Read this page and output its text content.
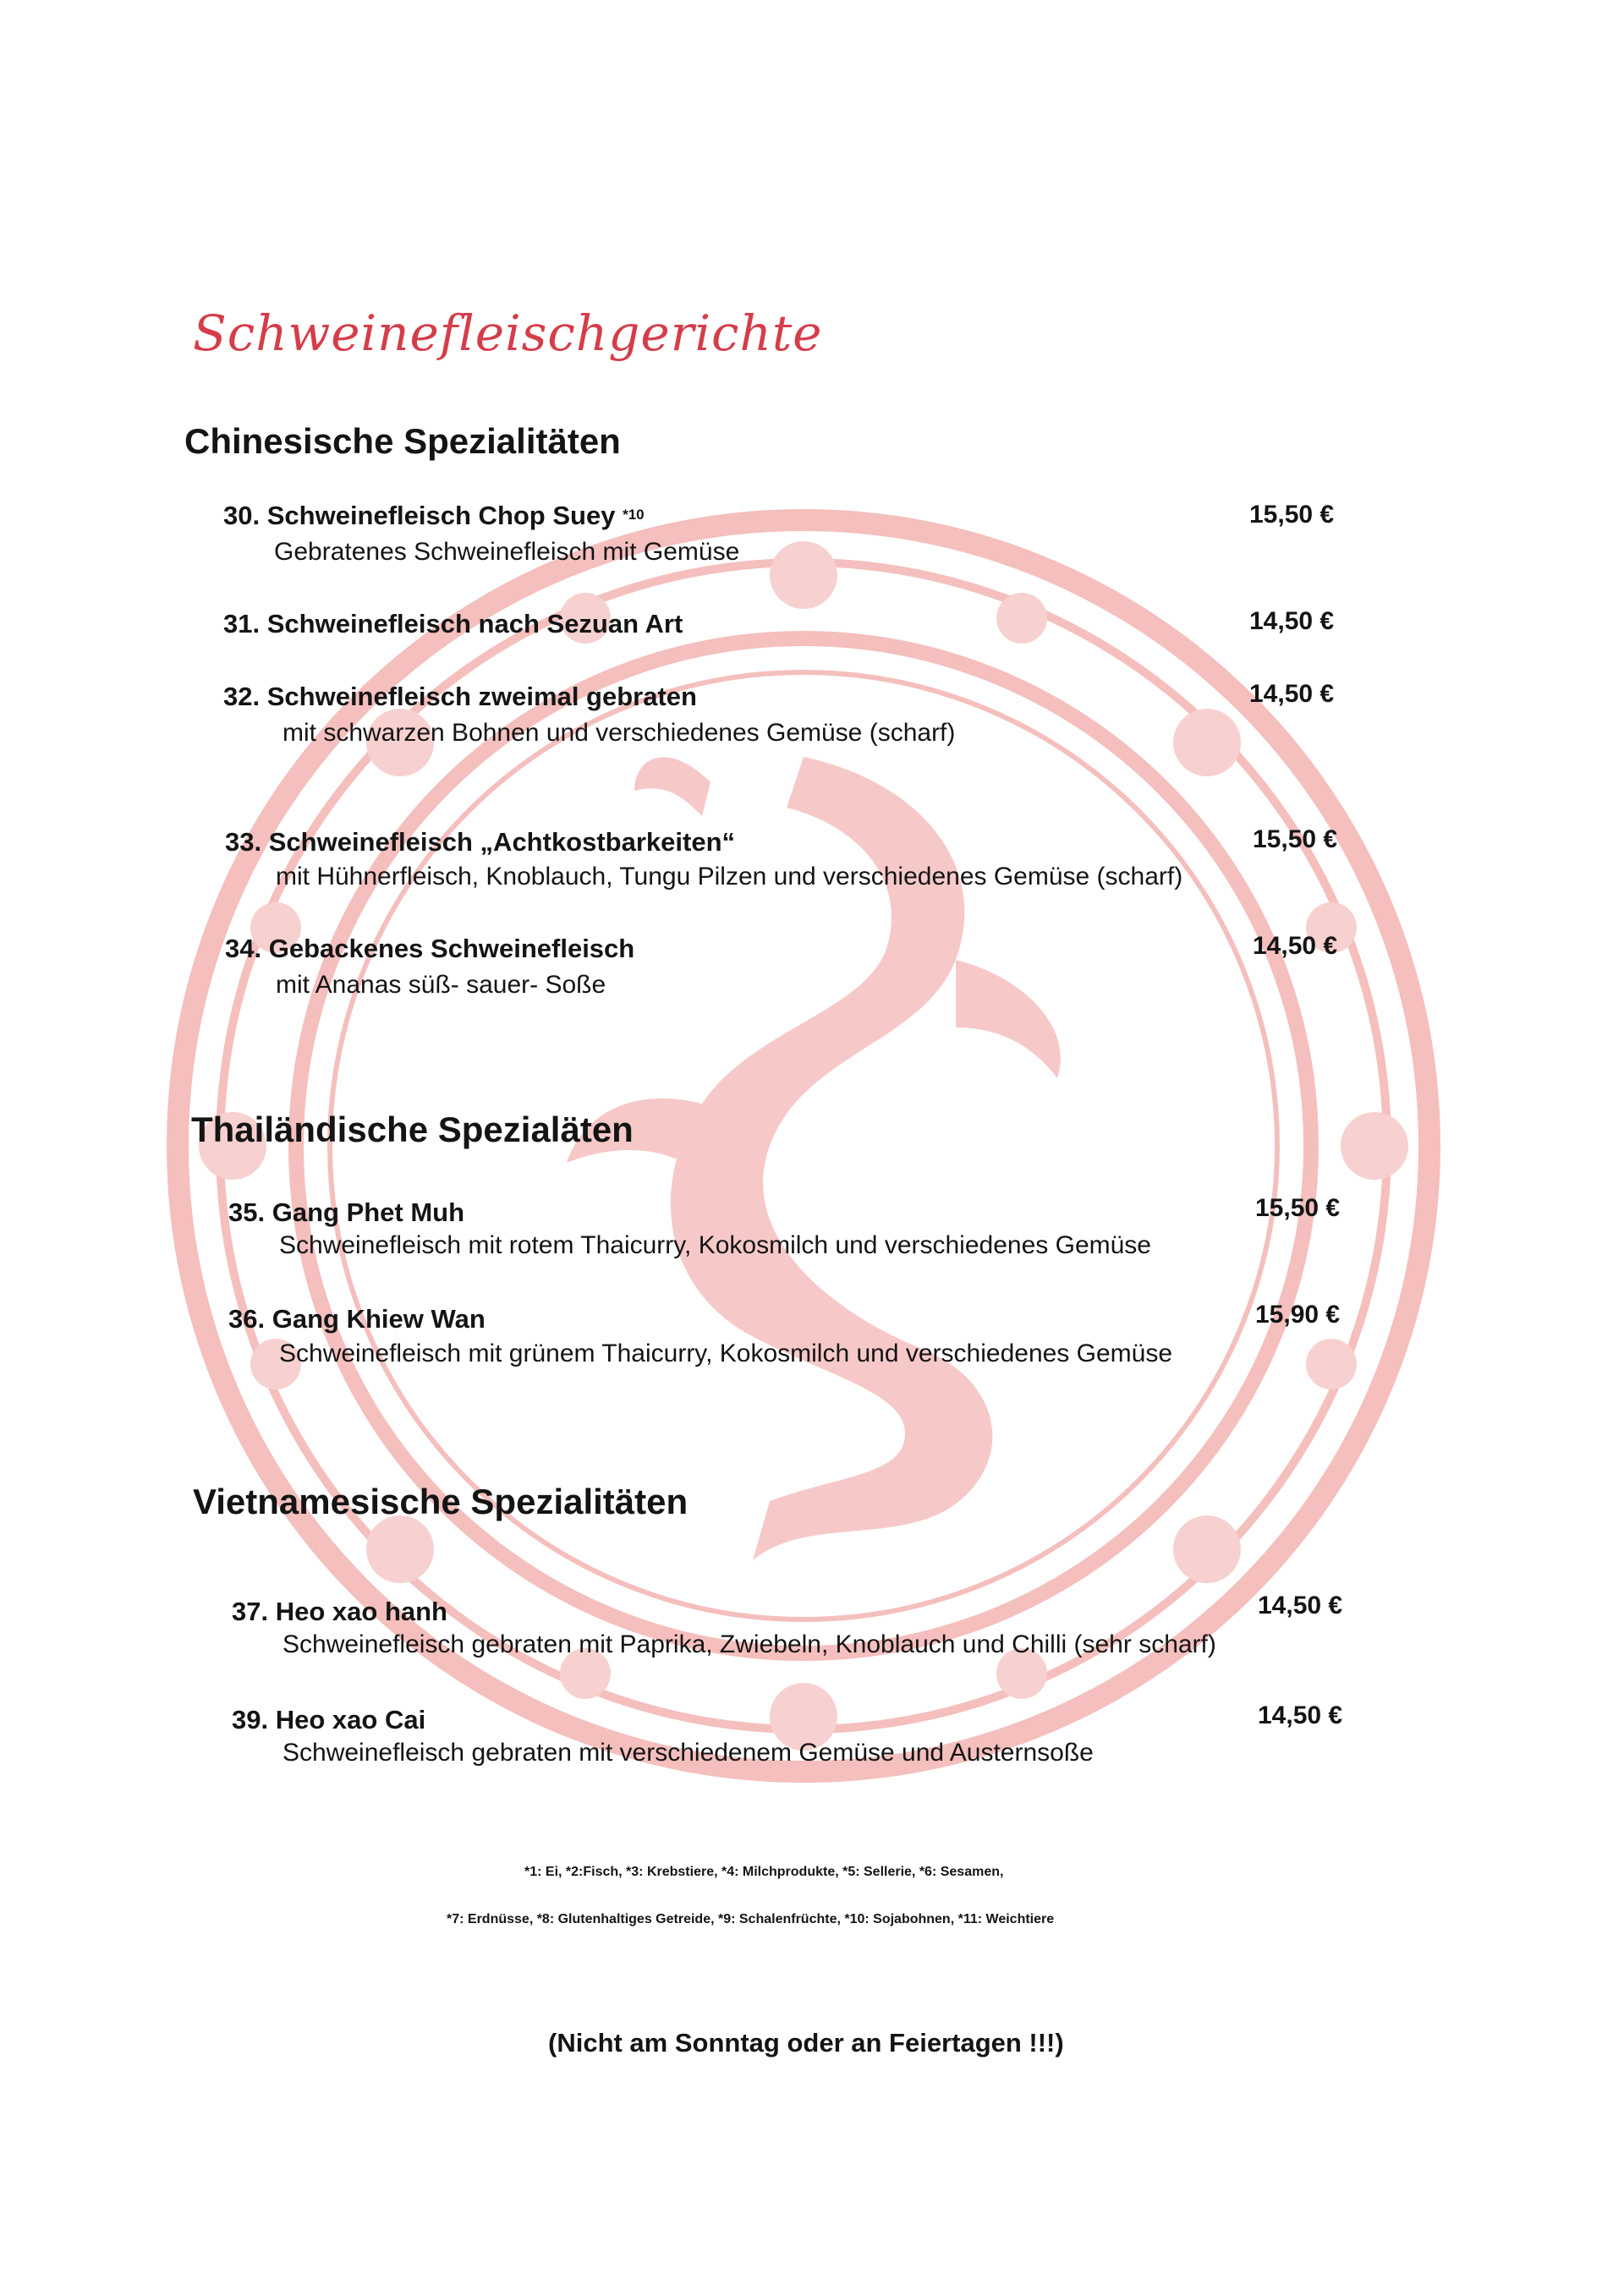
Schweinefleischgerichte
Chinesische Spezialitäten
30. Schweinefleisch Chop Suey $^{*10}$	15,50 €
Gebratenes Schweinefleisch mit Gemüse
31. Schweinefleisch nach Sezuan Art	14,50 €
32. Schweinefleisch zweimal gebraten	14,50 €
mit schwarzen Bohnen und verschiedenes Gemüse (scharf)
33. Schweinefleisch „Achtkostbarkeiten“	15,50 €
mit Hühnerfleisch, Knoblauch, Tungu Pilzen und verschiedenes Gemüse (scharf)
34. Gebackenes Schweinefleisch	14,50 €
mit Ananas süß- sauer- Soße
Thailändische Spezialäten
35. Gang Phet Muh	15,50 €
Schweinefleisch mit rotem Thaicurry, Kokosmilch und verschiedenes Gemüse
36. Gang Khiew Wan	15,90 €
Schweinefleisch mit grünem Thaicurry, Kokosmilch und verschiedenes Gemüse
Vietnamesische Spezialitäten
37. Heo xao hanh	14,50 €
Schweinefleisch gebraten mit Paprika, Zwiebeln, Knoblauch und Chilli (sehr scharf)
39. Heo xao Cai	14,50 €
Schweinefleisch gebraten mit verschiedenem Gemüse und Austernsoße
*1: Ei, *2:Fisch, *3: Krebstiere, *4: Milchprodukte, *5: Sellerie, *6: Sesamen,
*7: Erdnüsse, *8: Glutenhaltiges Getreide, *9: Schalenfrüchte, *10: Sojabohnen, *11: Weichtiere
(Nicht am Sonntag oder an Feiertagen !!!)
